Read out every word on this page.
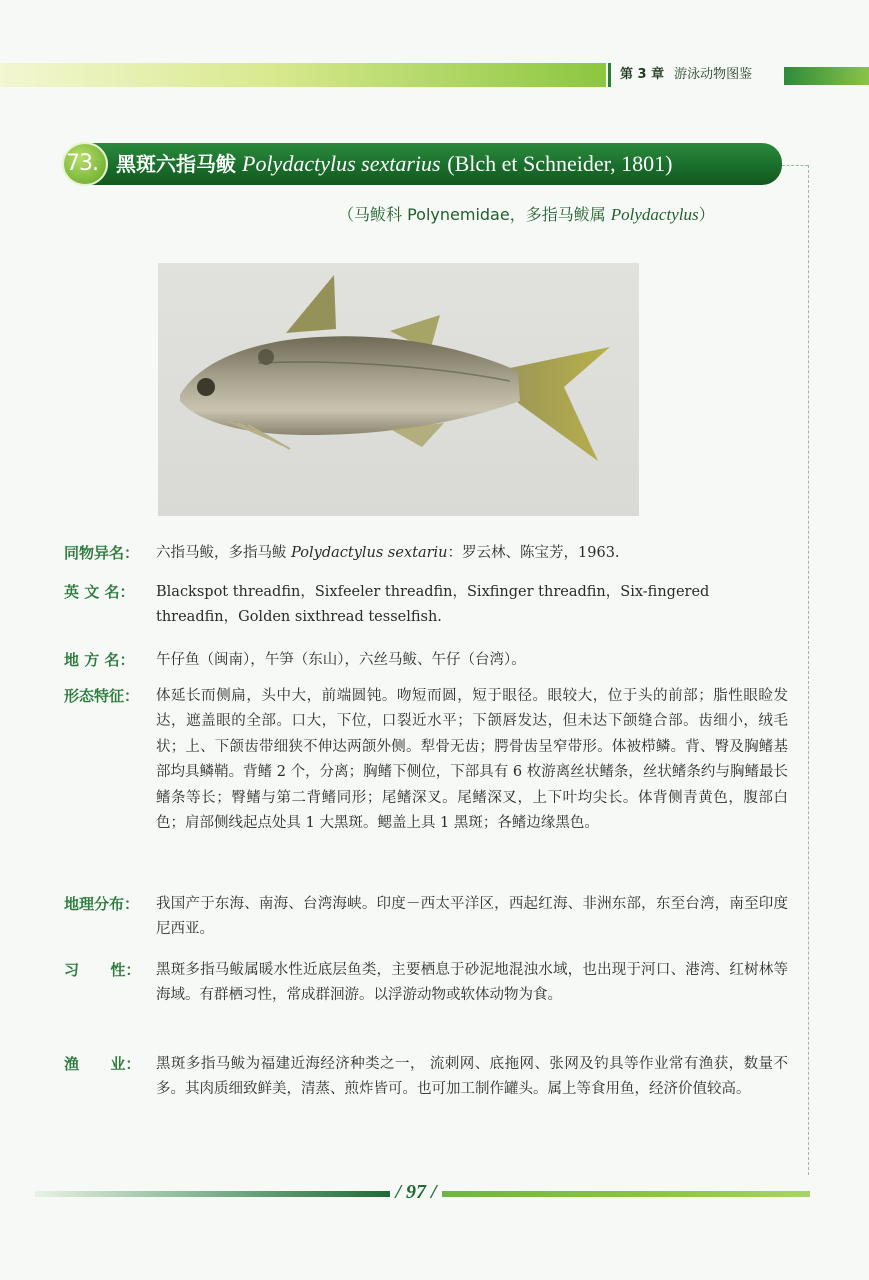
第 3 章 游泳动物图鉴
73. 黑斑六指马鲅 Polydactylus sextarius (Blch et Schneider, 1801)
（马鲅科 Polynemidae，多指马鲅属 Polydactylus）
同物异名：	六指马鲅，多指马鲅 Polydactylus sextariu：罗云林、陈宝芳，1963.
英 文 名：	Blackspot threadfin，Sixfeeler threadfin，Sixfinger threadfin，Six-fingered threadfin，Golden sixthread tesselfish.
地 方 名：	午仔鱼（闽南），午笋（东山），六丝马鲅、午仔（台湾）。
形态特征：	体延长而侧扁，头中大，前端圆钝。吻短而圆，短于眼径。眼较大，位于头的前部；脂性眼睑发达，遮盖眼的全部。口大，下位，口裂近水平；下颌唇发达，但未达下颌缝合部。齿细小，绒毛状；上、下颌齿带细狭不伸达两颌外侧。犁骨无齿；腭骨齿呈窄带形。体被栉鳞。背、臀及胸鳍基部均具鳞鞘。背鳍 2 个，分离；胸鳍下侧位，下部具有 6 枚游离丝状鳍条，丝状鳍条约与胸鳍最长鳍条等长；臀鳍与第二背鳍同形；尾鳍深叉。尾鳍深叉，上下叶均尖长。体背侧青黄色，腹部白色；肩部侧线起点处具 1 大黑斑。鳃盖上具 1 黑斑；各鳍边缘黑色。
地理分布：	我国产于东海、南海、台湾海峡。印度－西太平洋区，西起红海、非洲东部，东至台湾，南至印度尼西亚。
习      性：	黑斑多指马鲅属暖水性近底层鱼类，主要栖息于砂泥地混浊水域，也出现于河口、港湾、红树林等海域。有群栖习性，常成群洄游。以浮游动物或软体动物为食。
渔      业：	黑斑多指马鲅为福建近海经济种类之一， 流刺网、底拖网、张网及钓具等作业常有渔获，数量不多。其肉质细致鲜美，清蒸、煎炸皆可。也可加工制作罐头。属上等食用鱼，经济价值较高。
/ 97 /
